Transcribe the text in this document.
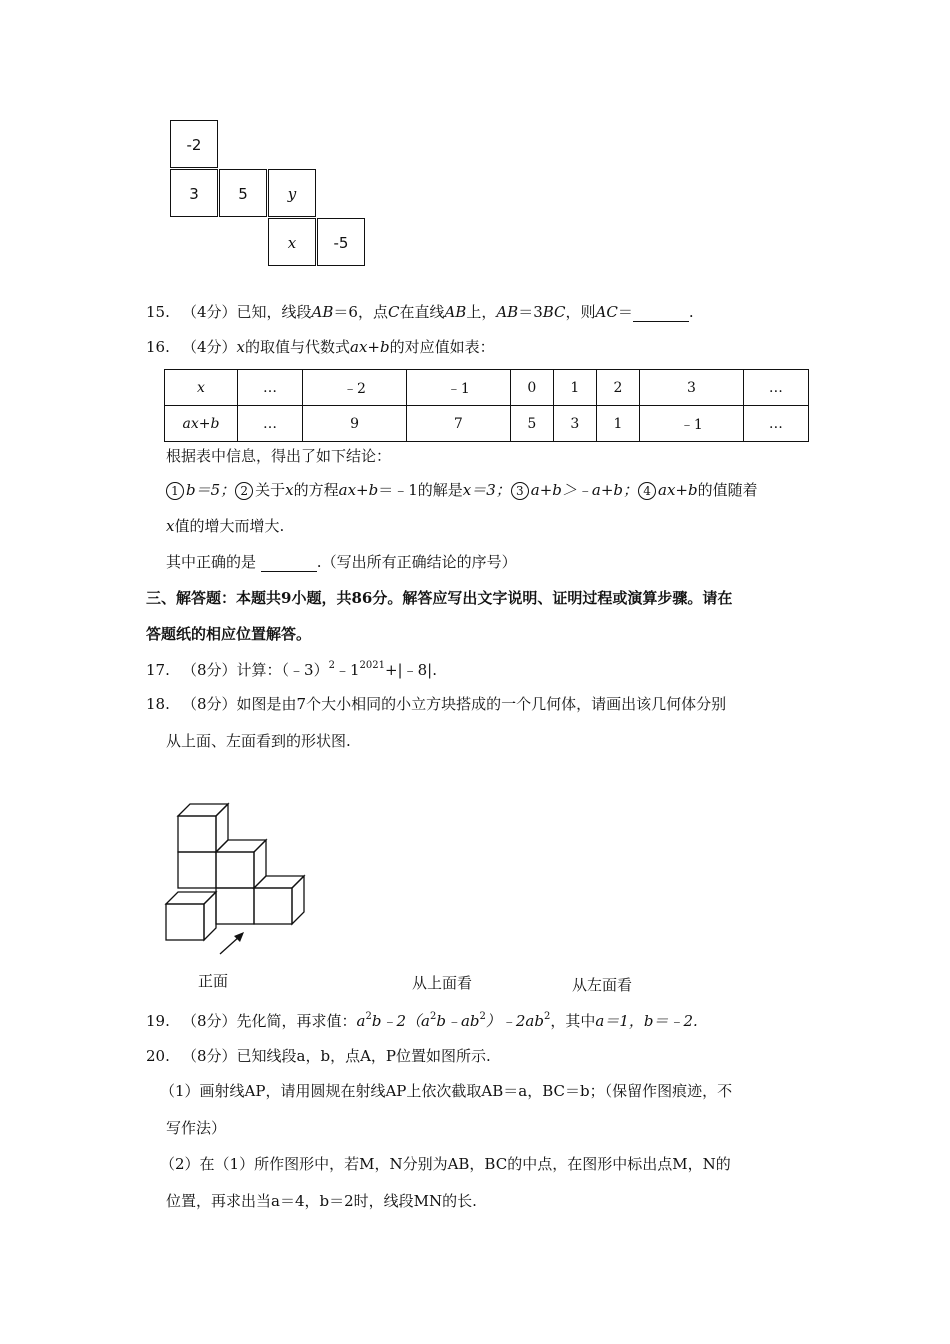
-2
3	5	y
x	-5
15. （4分）已知，线段AB＝6，点C在直线AB上，AB＝3BC，则AC＝	.
16. （4分）x的取值与代数式ax+b的对应值如表：
x	…	﹣2	﹣1	0	1	2	3	…
ax+b	…	9	7	5	3	1	﹣1	…
根据表中信息，得出了如下结论：
1 b＝5； 2 关于x的方程ax+b＝﹣1的解是x＝3； 3 a+b＞﹣a+b； 4 ax+b的值随着
x值的增大而增大.
其中正确的是	.（写出所有正确结论的序号）
三、解答题：本题共9小题，共86分。解答应写出文字说明、证明过程或演算步骤。请在
答题纸的相应位置解答。
17. （8分）计算：$(﹣3)^2﹣1^{2021}+|﹣8|$.
18. （8分）如图是由7个大小相同的小立方块搭成的一个几何体，请画出该几何体分别
从上面、左面看到的形状图.
正面	从上面看	从左面看
19. （8分）先化简，再求值：$a^2b﹣2(a^2b﹣ab^2)﹣2ab^2$，其中a＝1，b＝﹣2.
20. （8分）已知线段a，b，点A，P位置如图所示.
（1）画射线AP，请用圆规在射线AP上依次截取AB＝a，BC＝b；（保留作图痕迹，不
写作法）
（2）在（1）所作图形中，若M，N分别为AB，BC的中点，在图形中标出点M，N的
位置，再求出当a＝4，b＝2时，线段MN的长.
